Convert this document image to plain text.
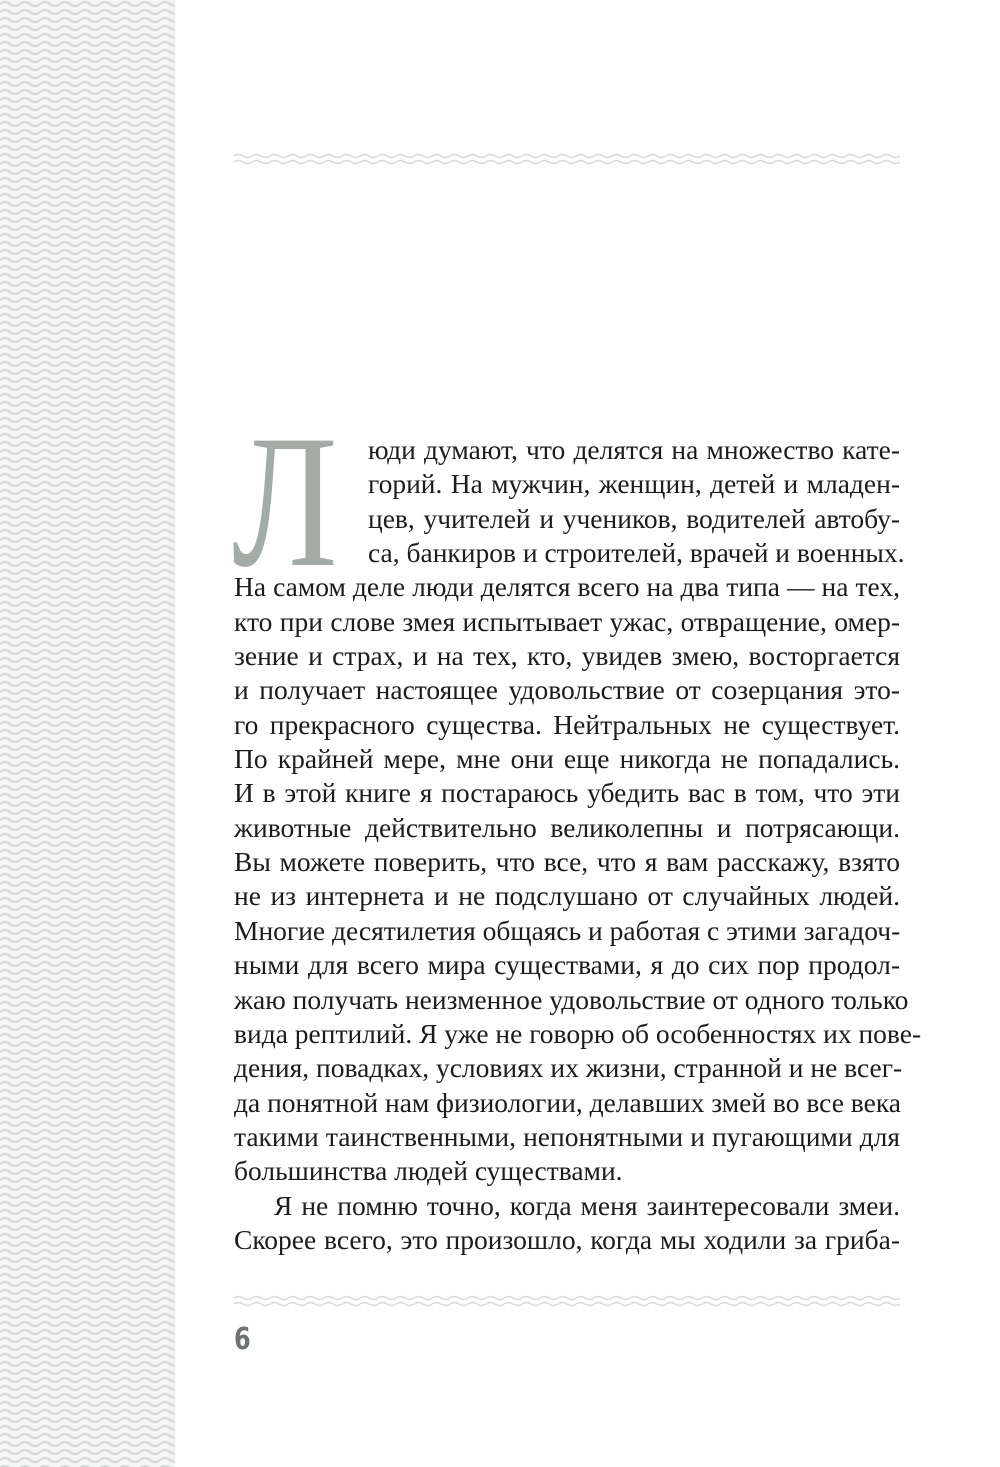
Л юди думают, что делятся на множество кате-
горий. На мужчин, женщин, детей и младен-
цев, учителей и учеников, водителей автобу-
са, банкиров и строителей, врачей и военных.
На самом деле люди делятся всего на два типа — на тех,
кто при слове змея испытывает ужас, отвращение, омер-
зение и страх, и на тех, кто, увидев змею, восторгается
и получает настоящее удовольствие от созерцания это-
го прекрасного существа. Нейтральных не существует.
По крайней мере, мне они еще никогда не попадались.
И в этой книге я постараюсь убедить вас в том, что эти
животные действительно великолепны и потрясающи.
Вы можете поверить, что все, что я вам расскажу, взято
не из интернета и не подслушано от случайных людей.
Многие десятилетия общаясь и работая с этими загадоч-
ными для всего мира существами, я до сих пор продол-
жаю получать неизменное удовольствие от одного только
вида рептилий. Я уже не говорю об особенностях их пове-
дения, повадках, условиях их жизни, странной и не всег-
да понятной нам физиологии, делавших змей во все века
такими таинственными, непонятными и пугающими для
большинства людей существами.
Я не помню точно, когда меня заинтересовали змеи.
Скорее всего, это произошло, когда мы ходили за гриба-
6
